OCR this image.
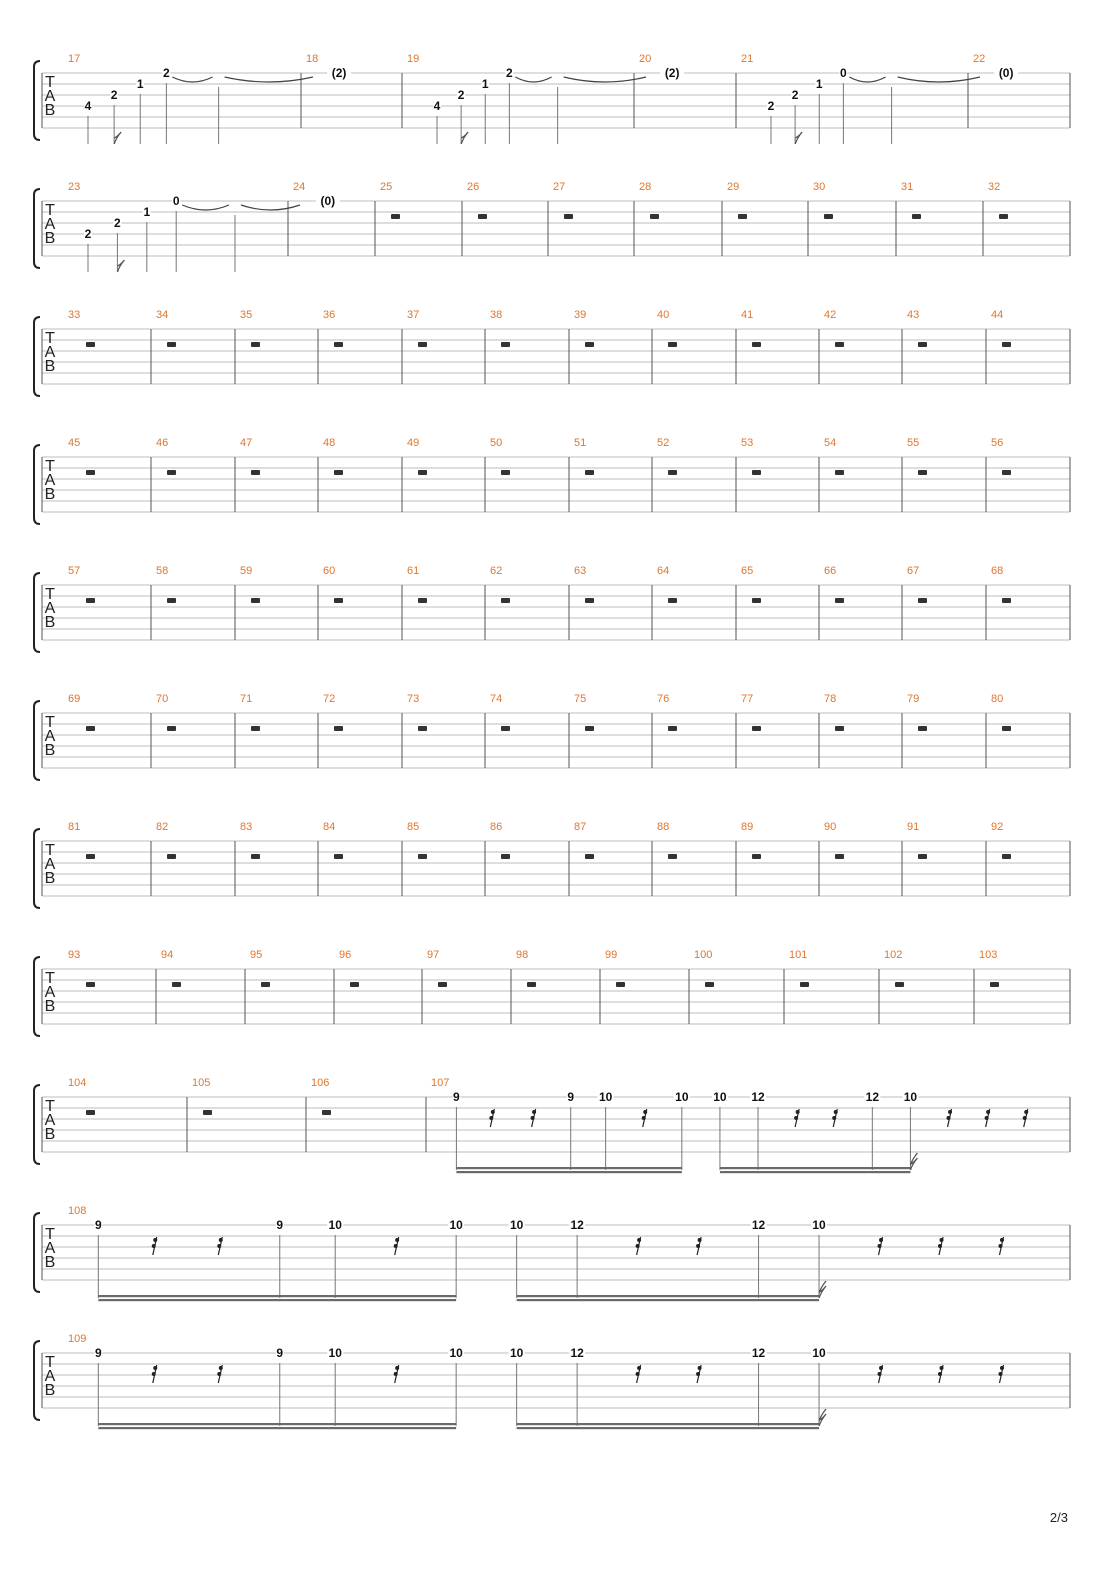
T
A
B
17
4
2
1
2
18
(2)
19
4
2
1
2
20
(2)
21
2
2
1
0
22
(0)
T
A
B
23
2
2
1
0
24
(0)
25	26	27	28	29	30	31	32
T
A
B
33	34	35	36	37	38	39	40	41	42	43	44
T
A
B
45	46	47	48	49	50	51	52	53	54	55	56
T
A
B
57	58	59	60	61	62	63	64	65	66	67	68
T
A
B
69	70	71	72	73	74	75	76	77	78	79	80
T
A
B
81	82	83	84	85	86	87	88	89	90	91	92
T
A
B
93	94	95	96	97	98	99	100	101	102	103
T
A
B
104	105	106	107
9	9 10	10 10 12	12 10
T
A
B
108
9	9	10	10	10	12	12	10
T
A
B
109
9	9	10	10	10	12	12	10
2/3
